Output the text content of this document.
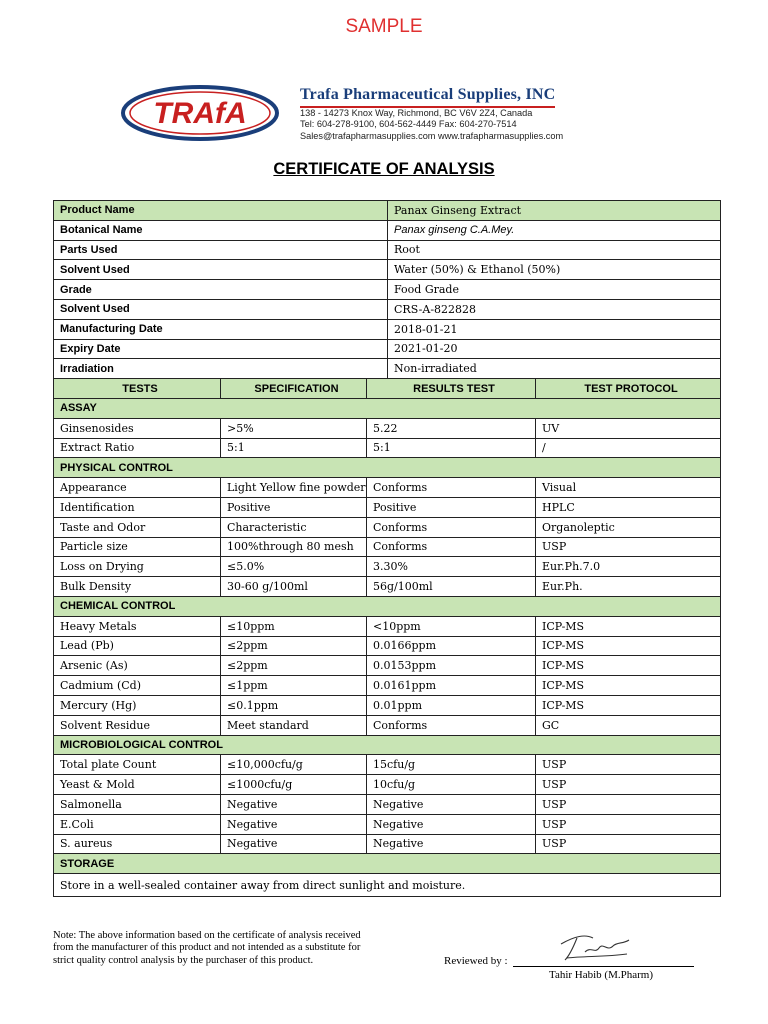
SAMPLE
TRAfA
Trafa Pharmaceutical Supplies, INC
138 - 14273 Knox Way, Richmond, BC V6V 2Z4, Canada
Tel: 604-278-9100, 604-562-4449 Fax: 604-270-7514
Sales@trafapharmasupplies.com www.trafapharmasupplies.com
CERTIFICATE OF ANALYSIS
Product Name			Panax Ginseng Extract	
Botanical Name			Panax ginseng C.A.Mey.	
Parts Used			Root	
Solvent Used			Water (50%) & Ethanol (50%)	
Grade			Food Grade	
Solvent Used			CRS-A-822828	
Manufacturing Date			2018-01-21	
Expiry Date			2021-01-20	
Irradiation			Non-irradiated	
TESTS	SPECIFICATION	RESULTS TEST		TEST PROTOCOL
ASSAY				
Ginsenosides	>5%	5.22		UV
Extract Ratio	5:1	5:1		/
PHYSICAL CONTROL				
Appearance	Light Yellow fine powder	Conforms		Visual
Identification	Positive	Positive		HPLC
Taste and Odor	Characteristic	Conforms		Organoleptic
Particle size	100%through 80 mesh	Conforms		USP
Loss on Drying	≤5.0%	3.30%		Eur.Ph.7.0
Bulk Density	30-60 g/100ml	56g/100ml		Eur.Ph.
CHEMICAL CONTROL				
Heavy Metals	≤10ppm	<10ppm		ICP-MS
Lead (Pb)	≤2ppm	0.0166ppm		ICP-MS
Arsenic (As)	≤2ppm	0.0153ppm		ICP-MS
Cadmium (Cd)	≤1ppm	0.0161ppm		ICP-MS
Mercury (Hg)	≤0.1ppm	0.01ppm		ICP-MS
Solvent Residue	Meet standard	Conforms		GC
MICROBIOLOGICAL CONTROL				
Total plate Count	≤10,000cfu/g	15cfu/g		USP
Yeast & Mold	≤1000cfu/g	10cfu/g		USP
Salmonella	Negative	Negative		USP
E.Coli	Negative	Negative		USP
S. aureus	Negative	Negative		USP
STORAGE				
Store in a well-sealed container away from direct sunlight and moisture.				
Note: The above information based on the certificate of analysis received from the manufacturer of this product and not intended as a substitute for strict quality control analysis by the purchaser of this product.	Reviewed by :
Tahir Habib (M.Pharm)
